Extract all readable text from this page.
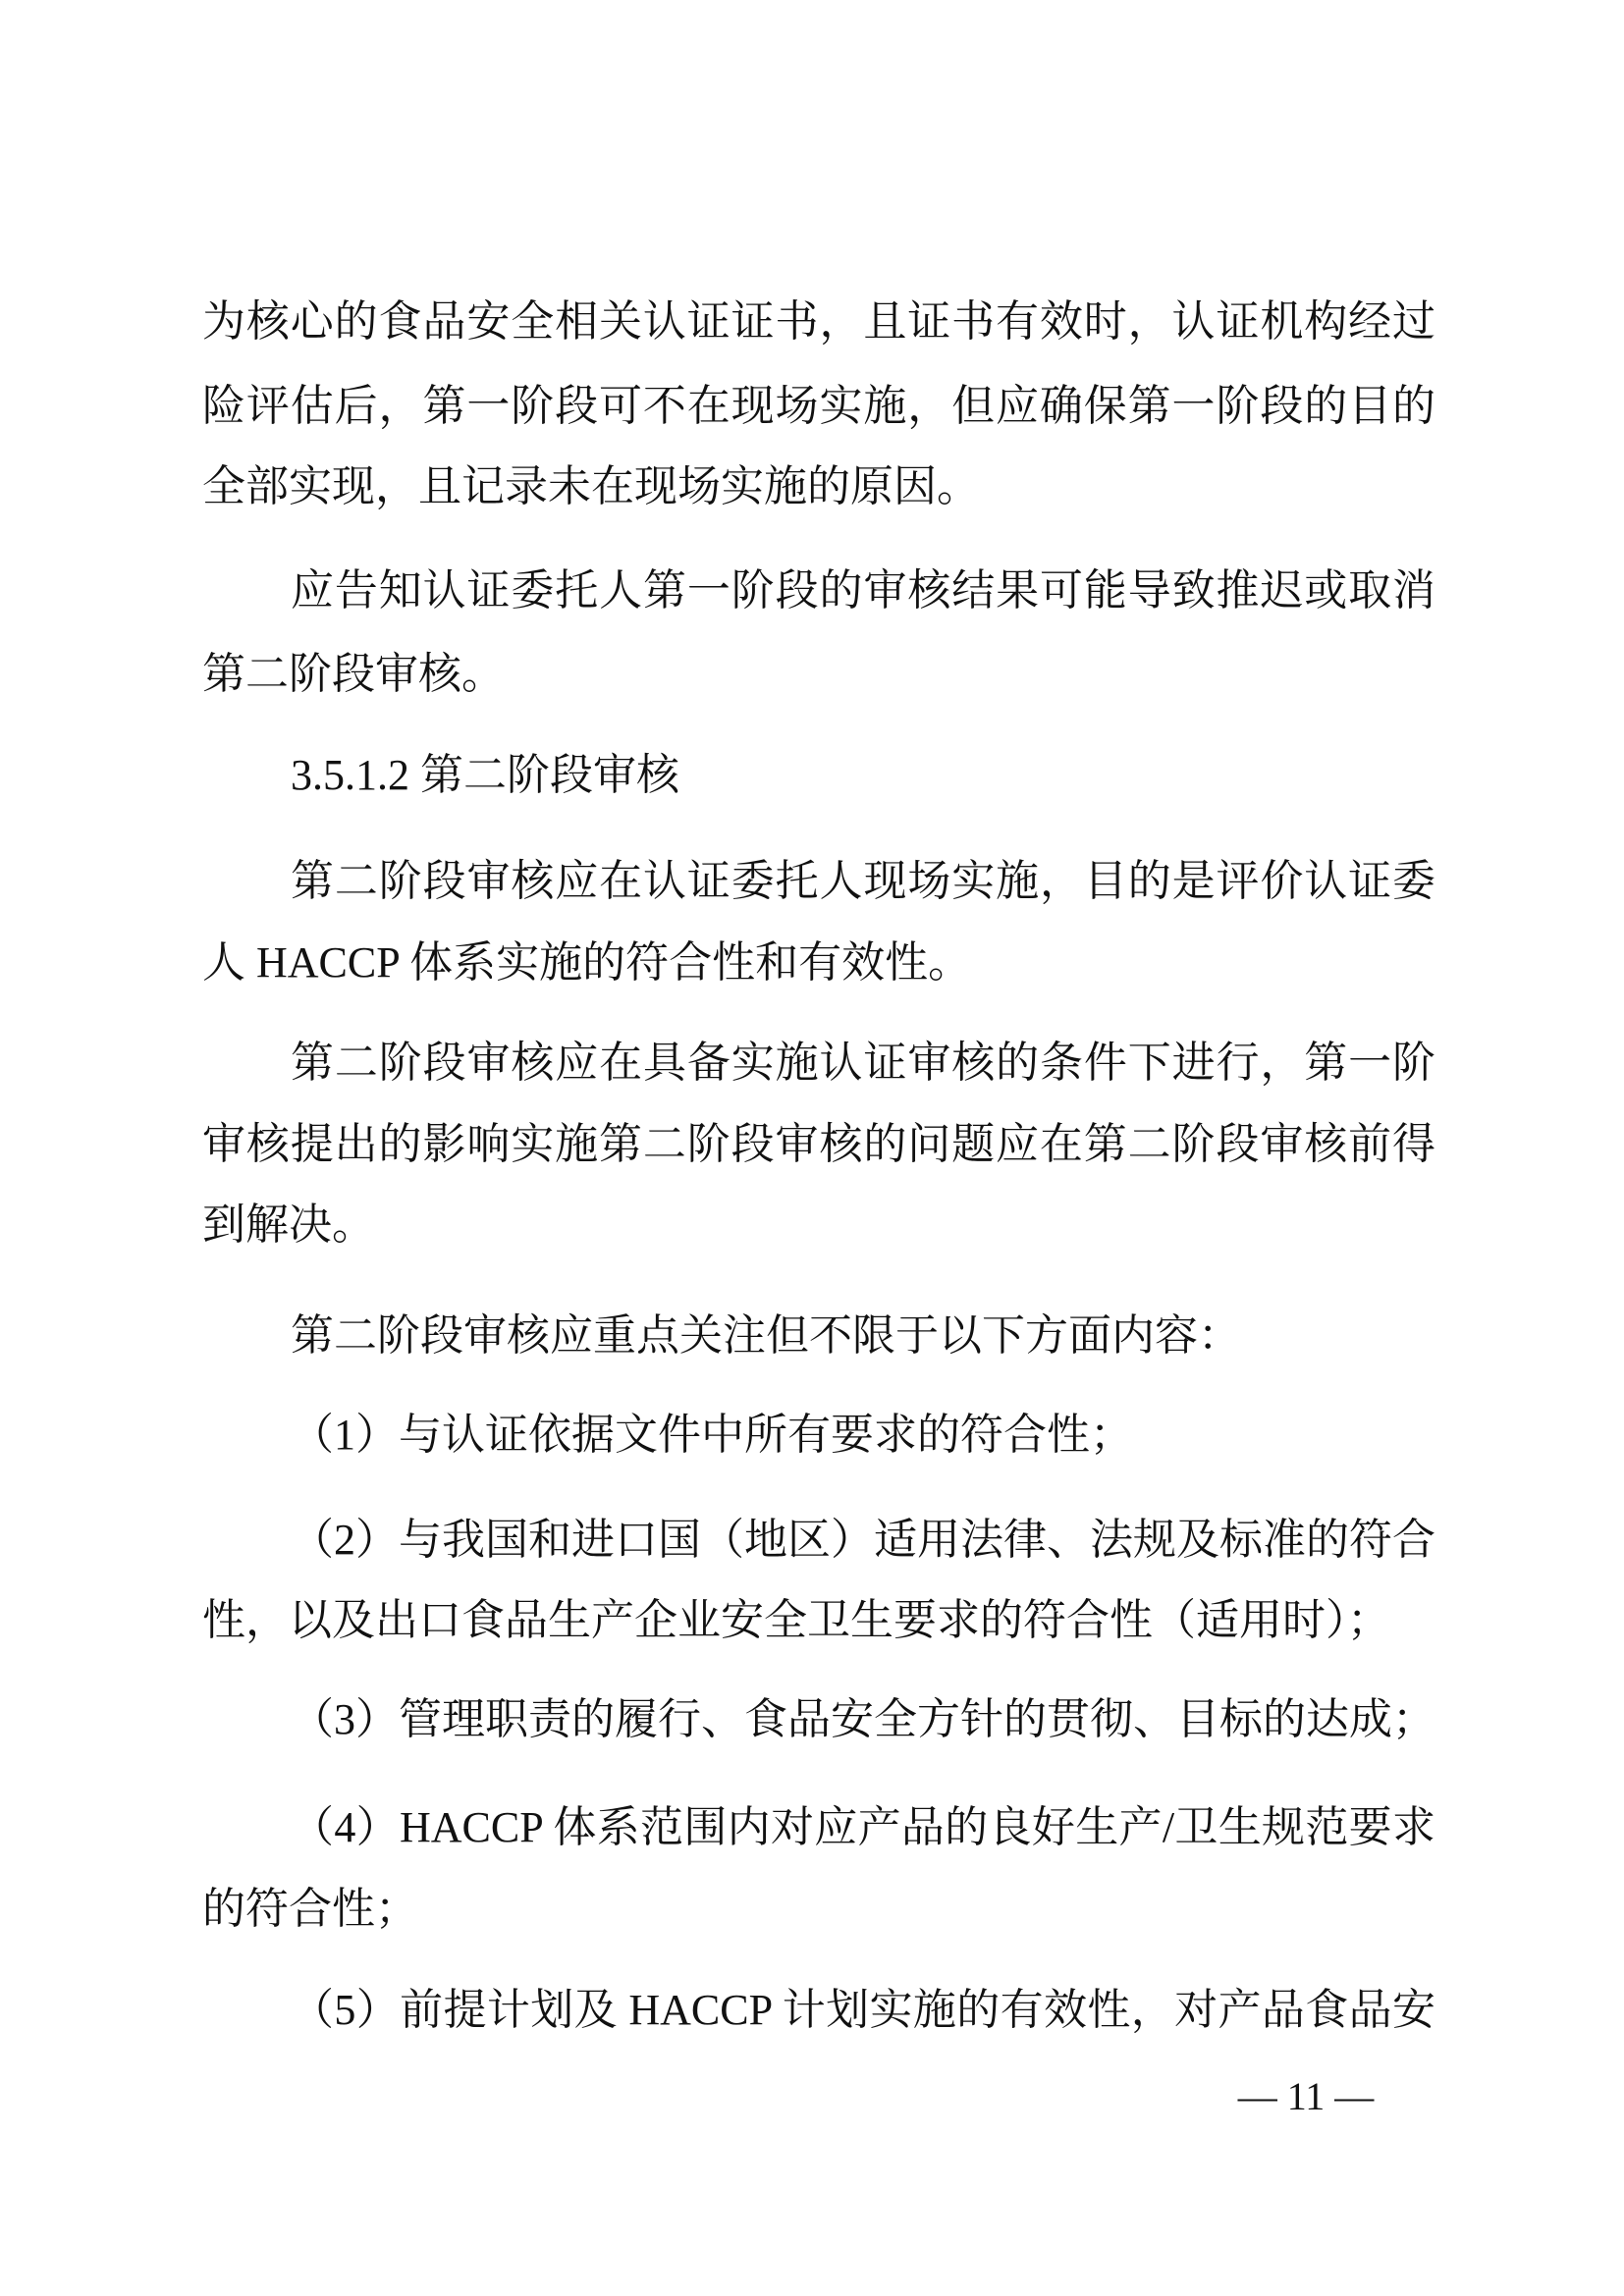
为核心的食品安全相关认证证书，且证书有效时，认证机构经过
险评估后，第一阶段可不在现场实施，但应确保第一阶段的目的
全部实现，且记录未在现场实施的原因。
应告知认证委托人第一阶段的审核结果可能导致推迟或取消
第二阶段审核。
3.5.1.2 第二阶段审核
第二阶段审核应在认证委托人现场实施，目的是评价认证委
人 HACCP 体系实施的符合性和有效性。
第二阶段审核应在具备实施认证审核的条件下进行，第一阶
审核提出的影响实施第二阶段审核的问题应在第二阶段审核前得
到解决。
第二阶段审核应重点关注但不限于以下方面内容：
（1）与认证依据文件中所有要求的符合性；
（2）与我国和进口国（地区）适用法律、法规及标准的符合
性，以及出口食品生产企业安全卫生要求的符合性（适用时）；
（3）管理职责的履行、食品安全方针的贯彻、目标的达成；
（4）HACCP 体系范围内对应产品的良好生产/卫生规范要求
的符合性；
（5）前提计划及 HACCP 计划实施的有效性，对产品食品安
— 11 —
